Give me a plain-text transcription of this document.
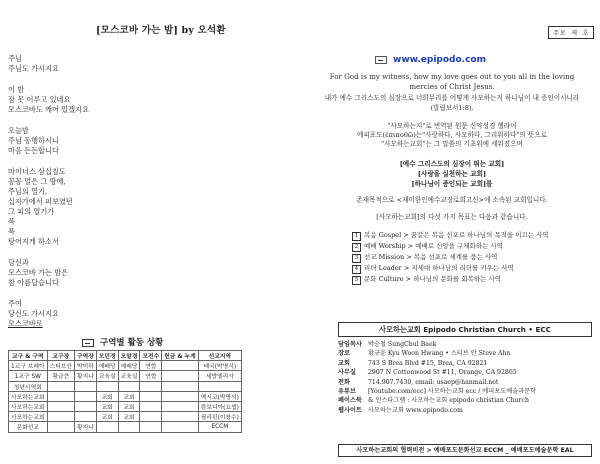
[모스코바 가는 밤] by 오석환
주님
주님도 가시지요
이 밤
잠 못 이루고 있네요
모스코바도 깨어 있겠지요
오늘밤
주님 동행하시니
마음 든든합니다
마이너스 삼십칠도
꽁꽁 얼은 그 땅에,
주님의 열기,
십자가에서 피보였던
그 피의 열기가
푹
푹
탕어지게 하소서
당신과
모스코바 가는 밤은
참 아름답습니다
주여
당신도 가시지요
모스코바로
구역별 활동 상황
교구 & 구역	교구장	구역장	모던경	모말경	모전수	헌금 & 누계	선교지역
1교구 브레아	스티브안	박미하	예배당	예배당	연합		태국(박명식)
1교구 SW	황금큰	황지나	교육실	교육실	연합		세방엘리사
청년사역회							
사모하는교회			교회	교회			멕시코(박명석)
사모하는교회			교회	교회			캄보디아(요셉)
사모하는교회			교회	교회			필리핀(이창수)
문화선교		황지나					ECCM
주보 제 호
www.epipodo.com
For God is my witness, how my love goes out to you all in the loving mercies of Christ Jesus.
내가 예수 그리스도의 심장으로 너희무리를 어떻게 사모하는지 하나님이 내 증인이시니라(빌립보서1:8).
"사모하는지"로 번역된 원문 신약성경 헬라어
에피포도(ἐπιποθῶ)는"사랑하다, 사모하다, 그리워하다"의 뜻으로
"사모하는교회"는 그 말씀의 기초위에 세워졌으며
[예수 그리스도의 심장이 뛰는 교회]
[사랑을 실천하는 교회]
[하나님이 증인되는 교회]를
존재목적으로 <재미한인예수교장로회고신>에 소속된 교회입니다.
[사모하는교회]의 다섯 가지 목표는 다음과 같습니다.
1 복음 Gospel > 꿈같은 복음 선포로 하나님의 목적을 이끄는 사역
2 예배 Worship > 예배로 신앙을 구체화하는 사역
3 선교 Mission > 복음 선포로 세계를 품는 사역
4 리더 Leader > 지세대 하나님의 리더를 키우는 사역
5 문화 Culture > 하나님의 문화를 회복하는 사역
사모하는교회 Epipodo Christian Church • ECC
담임목사 박승철 SungChul Baek
장로	황규윤 Kyu Woon Hwang • 스티브 안 Steve Ahn
교회	743 S Brea Blvd #15, Brea, CA 92821
사무실 2907 N Cottonwood St #11, Orange, CA 92865
전화	714.907.7430, email: usaep@hanmail.net
유튜브 [Youtube.com/ecc] 사모하는교회 ecc / 에피포도예술과문학
페이스북 & 인스타그램 : 사모하는교회 epipodo christian Church
웹사이트 사모하는교회 www.epipodo.com
사모하는교회의 협력비전 > 예배포도문화선교 ECCM _ 예배포도예술문학 EAL
